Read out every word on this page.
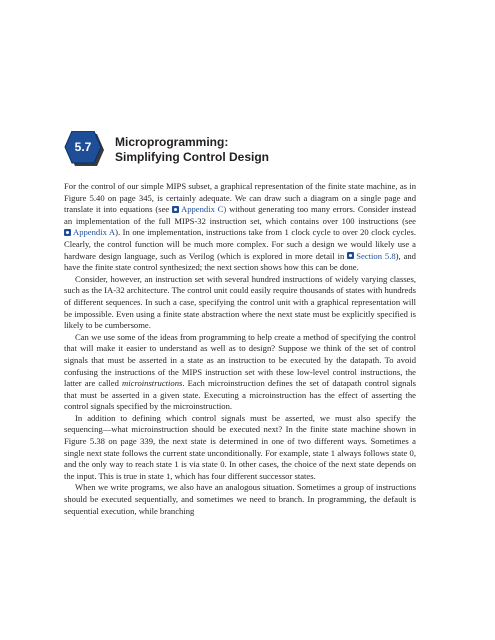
5.7 Microprogramming:
Simplifying Control Design

For the control of our simple MIPS subset, a graphical representation of the finite state machine, as in Figure 5.40 on page 345, is certainly adequate. We can draw such a diagram on a single page and translate it into equations (see Appendix C) without generating too many errors. Consider instead an implementation of the full MIPS-32 instruction set, which contains over 100 instructions (see Appendix A). In one implementation, instructions take from 1 clock cycle to over 20 clock cycles. Clearly, the control function will be much more complex. For such a design we would likely use a hardware design language, such as Verilog (which is explored in more detail in Section 5.8), and have the finite state control synthesized; the next section shows how this can be done.

Consider, however, an instruction set with several hundred instructions of widely varying classes, such as the IA-32 architecture. The control unit could easily require thousands of states with hundreds of different sequences. In such a case, specifying the control unit with a graphical representation will be impossible. Even using a finite state abstraction where the next state must be explicitly specified is likely to be cumbersome.

Can we use some of the ideas from programming to help create a method of specifying the control that will make it easier to understand as well as to design? Suppose we think of the set of control signals that must be asserted in a state as an instruction to be executed by the datapath. To avoid confusing the instructions of the MIPS instruction set with these low-level control instructions, the latter are called microinstructions. Each microinstruction defines the set of datapath control signals that must be asserted in a given state. Executing a microinstruction has the effect of asserting the control signals specified by the microinstruction.

In addition to defining which control signals must be asserted, we must also specify the sequencing—what microinstruction should be executed next? In the finite state machine shown in Figure 5.38 on page 339, the next state is determined in one of two different ways. Sometimes a single next state follows the current state unconditionally. For example, state 1 always follows state 0, and the only way to reach state 1 is via state 0. In other cases, the choice of the next state depends on the input. This is true in state 1, which has four different successor states.

When we write programs, we also have an analogous situation. Sometimes a group of instructions should be executed sequentially, and sometimes we need to branch. In programming, the default is sequential execution, while branching
